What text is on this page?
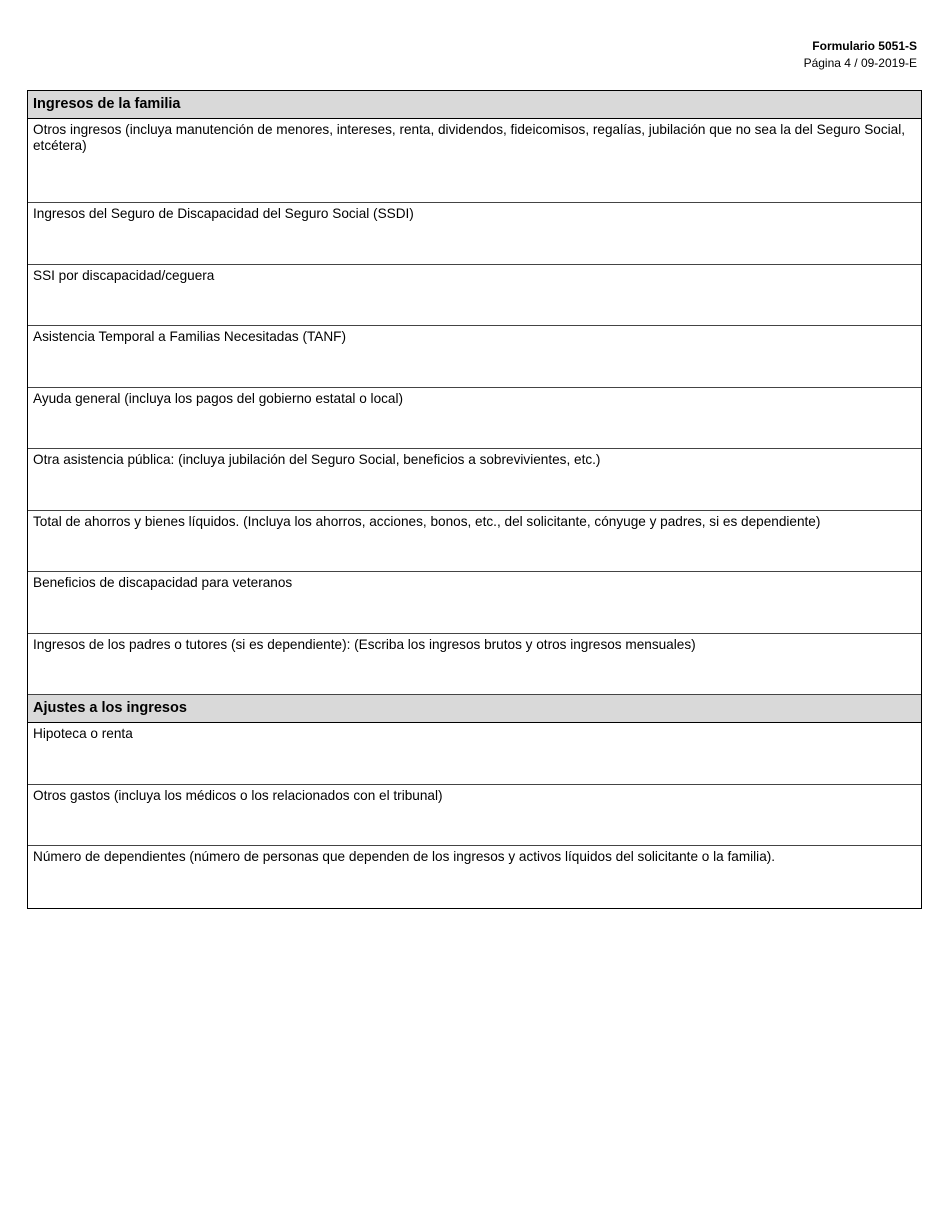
Formulario 5051-S
Página 4 / 09-2019-E
Ingresos de la familia
Otros ingresos (incluya manutención de menores, intereses, renta, dividendos, fideicomisos, regalías, jubilación que no sea la del Seguro Social, etcétera)
Ingresos del Seguro de Discapacidad del Seguro Social (SSDI)
SSI por discapacidad/ceguera
Asistencia Temporal a Familias Necesitadas (TANF)
Ayuda general (incluya los pagos del gobierno estatal o local)
Otra asistencia pública: (incluya jubilación del Seguro Social, beneficios a sobrevivientes, etc.)
Total de ahorros y bienes líquidos. (Incluya los ahorros, acciones, bonos, etc., del solicitante, cónyuge y padres, si es dependiente)
Beneficios de discapacidad para veteranos
Ingresos de los padres o tutores (si es dependiente): (Escriba los ingresos brutos y otros ingresos mensuales)
Ajustes a los ingresos
Hipoteca o renta
Otros gastos (incluya los médicos o los relacionados con el tribunal)
Número de dependientes (número de personas que dependen de los ingresos y activos líquidos del solicitante o la familia).
